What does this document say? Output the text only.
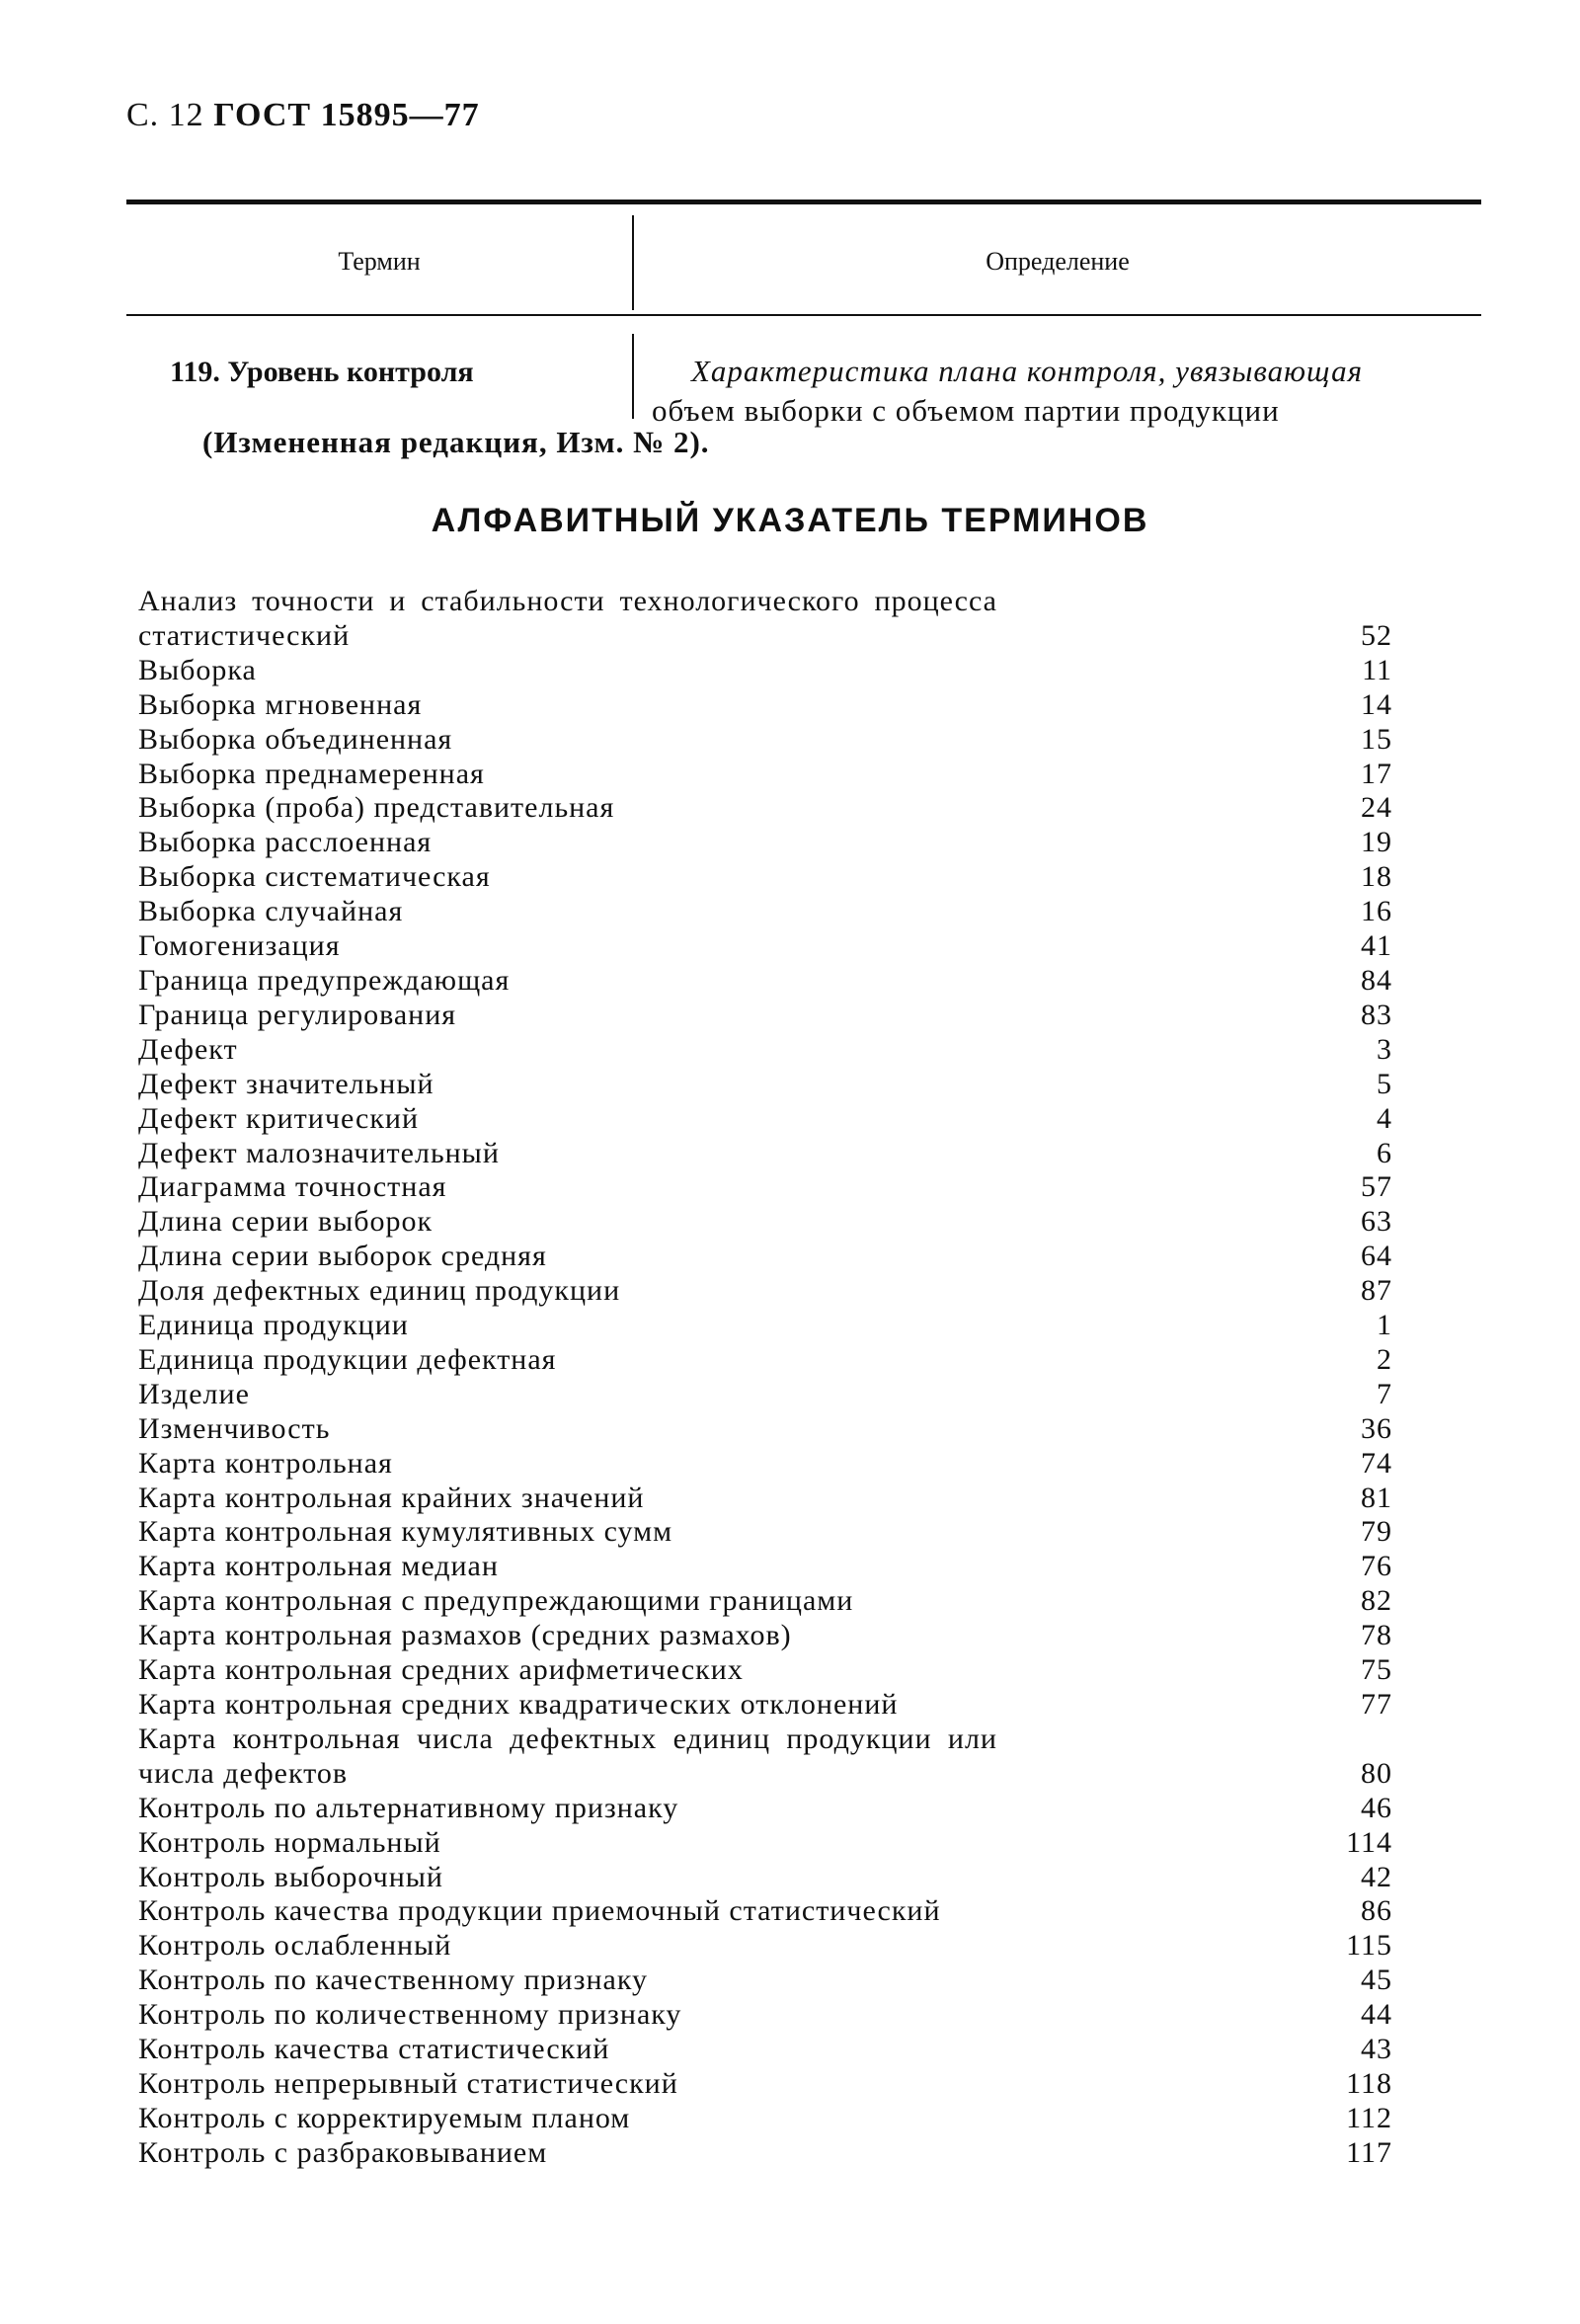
С. 12 ГОСТ 15895—77
Термин	Определение
119. Уровень контроля	Характеристика плана контроля, увязывающая
объем выборки с объемом партии продукции
(Измененная редакция, Изм. № 2).
АЛФАВИТНЫЙ УКАЗАТЕЛЬ ТЕРМИНОВ
Анализ точности и стабильности технологического процесса
статистический	52
Выборка	11
Выборка мгновенная	14
Выборка объединенная	15
Выборка преднамеренная	17
Выборка (проба) представительная	24
Выборка расслоенная	19
Выборка систематическая	18
Выборка случайная	16
Гомогенизация	41
Граница предупреждающая	84
Граница регулирования	83
Дефект	3
Дефект значительный	5
Дефект критический	4
Дефект малозначительный	6
Диаграмма точностная	57
Длина серии выборок	63
Длина серии выборок средняя	64
Доля дефектных единиц продукции	87
Единица продукции	1
Единица продукции дефектная	2
Изделие	7
Изменчивость	36
Карта контрольная	74
Карта контрольная крайних значений	81
Карта контрольная кумулятивных сумм	79
Карта контрольная медиан	76
Карта контрольная с предупреждающими границами	82
Карта контрольная размахов (средних размахов)	78
Карта контрольная средних арифметических	75
Карта контрольная средних квадратических отклонений	77
Карта контрольная числа дефектных единиц продукции или
числа дефектов	80
Контроль по альтернативному признаку	46
Контроль нормальный	114
Контроль выборочный	42
Контроль качества продукции приемочный статистический	86
Контроль ослабленный	115
Контроль по качественному признаку	45
Контроль по количественному признаку	44
Контроль качества статистический	43
Контроль непрерывный статистический	118
Контроль с корректируемым планом	112
Контроль с разбраковыванием	117
